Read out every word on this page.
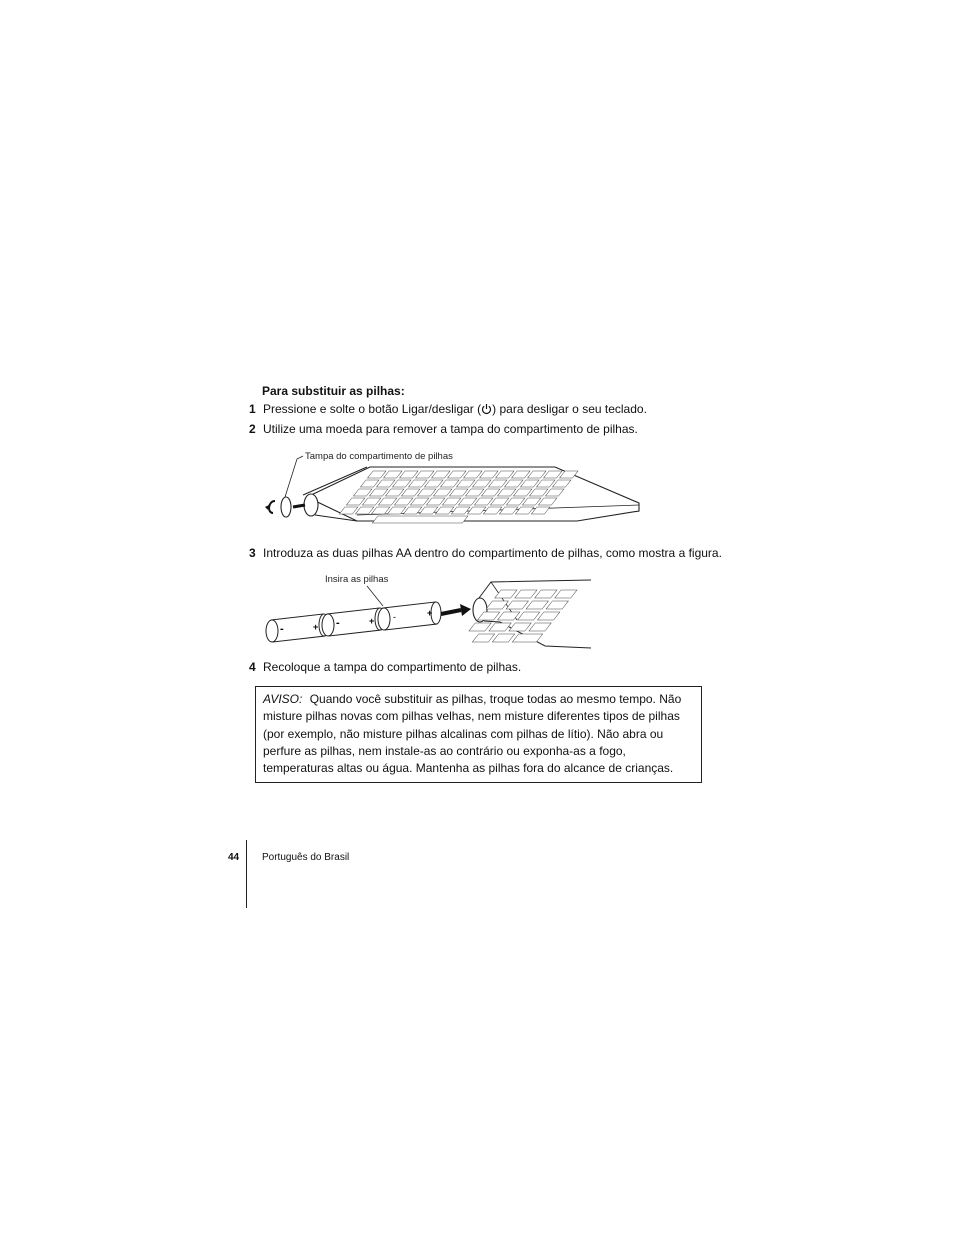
Para substituir as pilhas:
1 Pressione e solte o botão Ligar/desligar ( ) para desligar o seu teclado.
2 Utilize uma moeda para remover a tampa do compartimento de pilhas.
Tampa do compartimento de pilhas
3 Introduza as duas pilhas AA dentro do compartimento de pilhas, como mostra a figura.
Insira as pilhas
-	+ -	+ -	+
4 Recoloque a tampa do compartimento de pilhas.
AVISO: Quando você substituir as pilhas, troque todas ao mesmo tempo. Não misture pilhas novas com pilhas velhas, nem misture diferentes tipos de pilhas (por exemplo, não misture pilhas alcalinas com pilhas de lítio). Não abra ou perfure as pilhas, nem instale-as ao contrário ou exponha-as a fogo, temperaturas altas ou água. Mantenha as pilhas fora do alcance de crianças.
44 Português do Brasil
